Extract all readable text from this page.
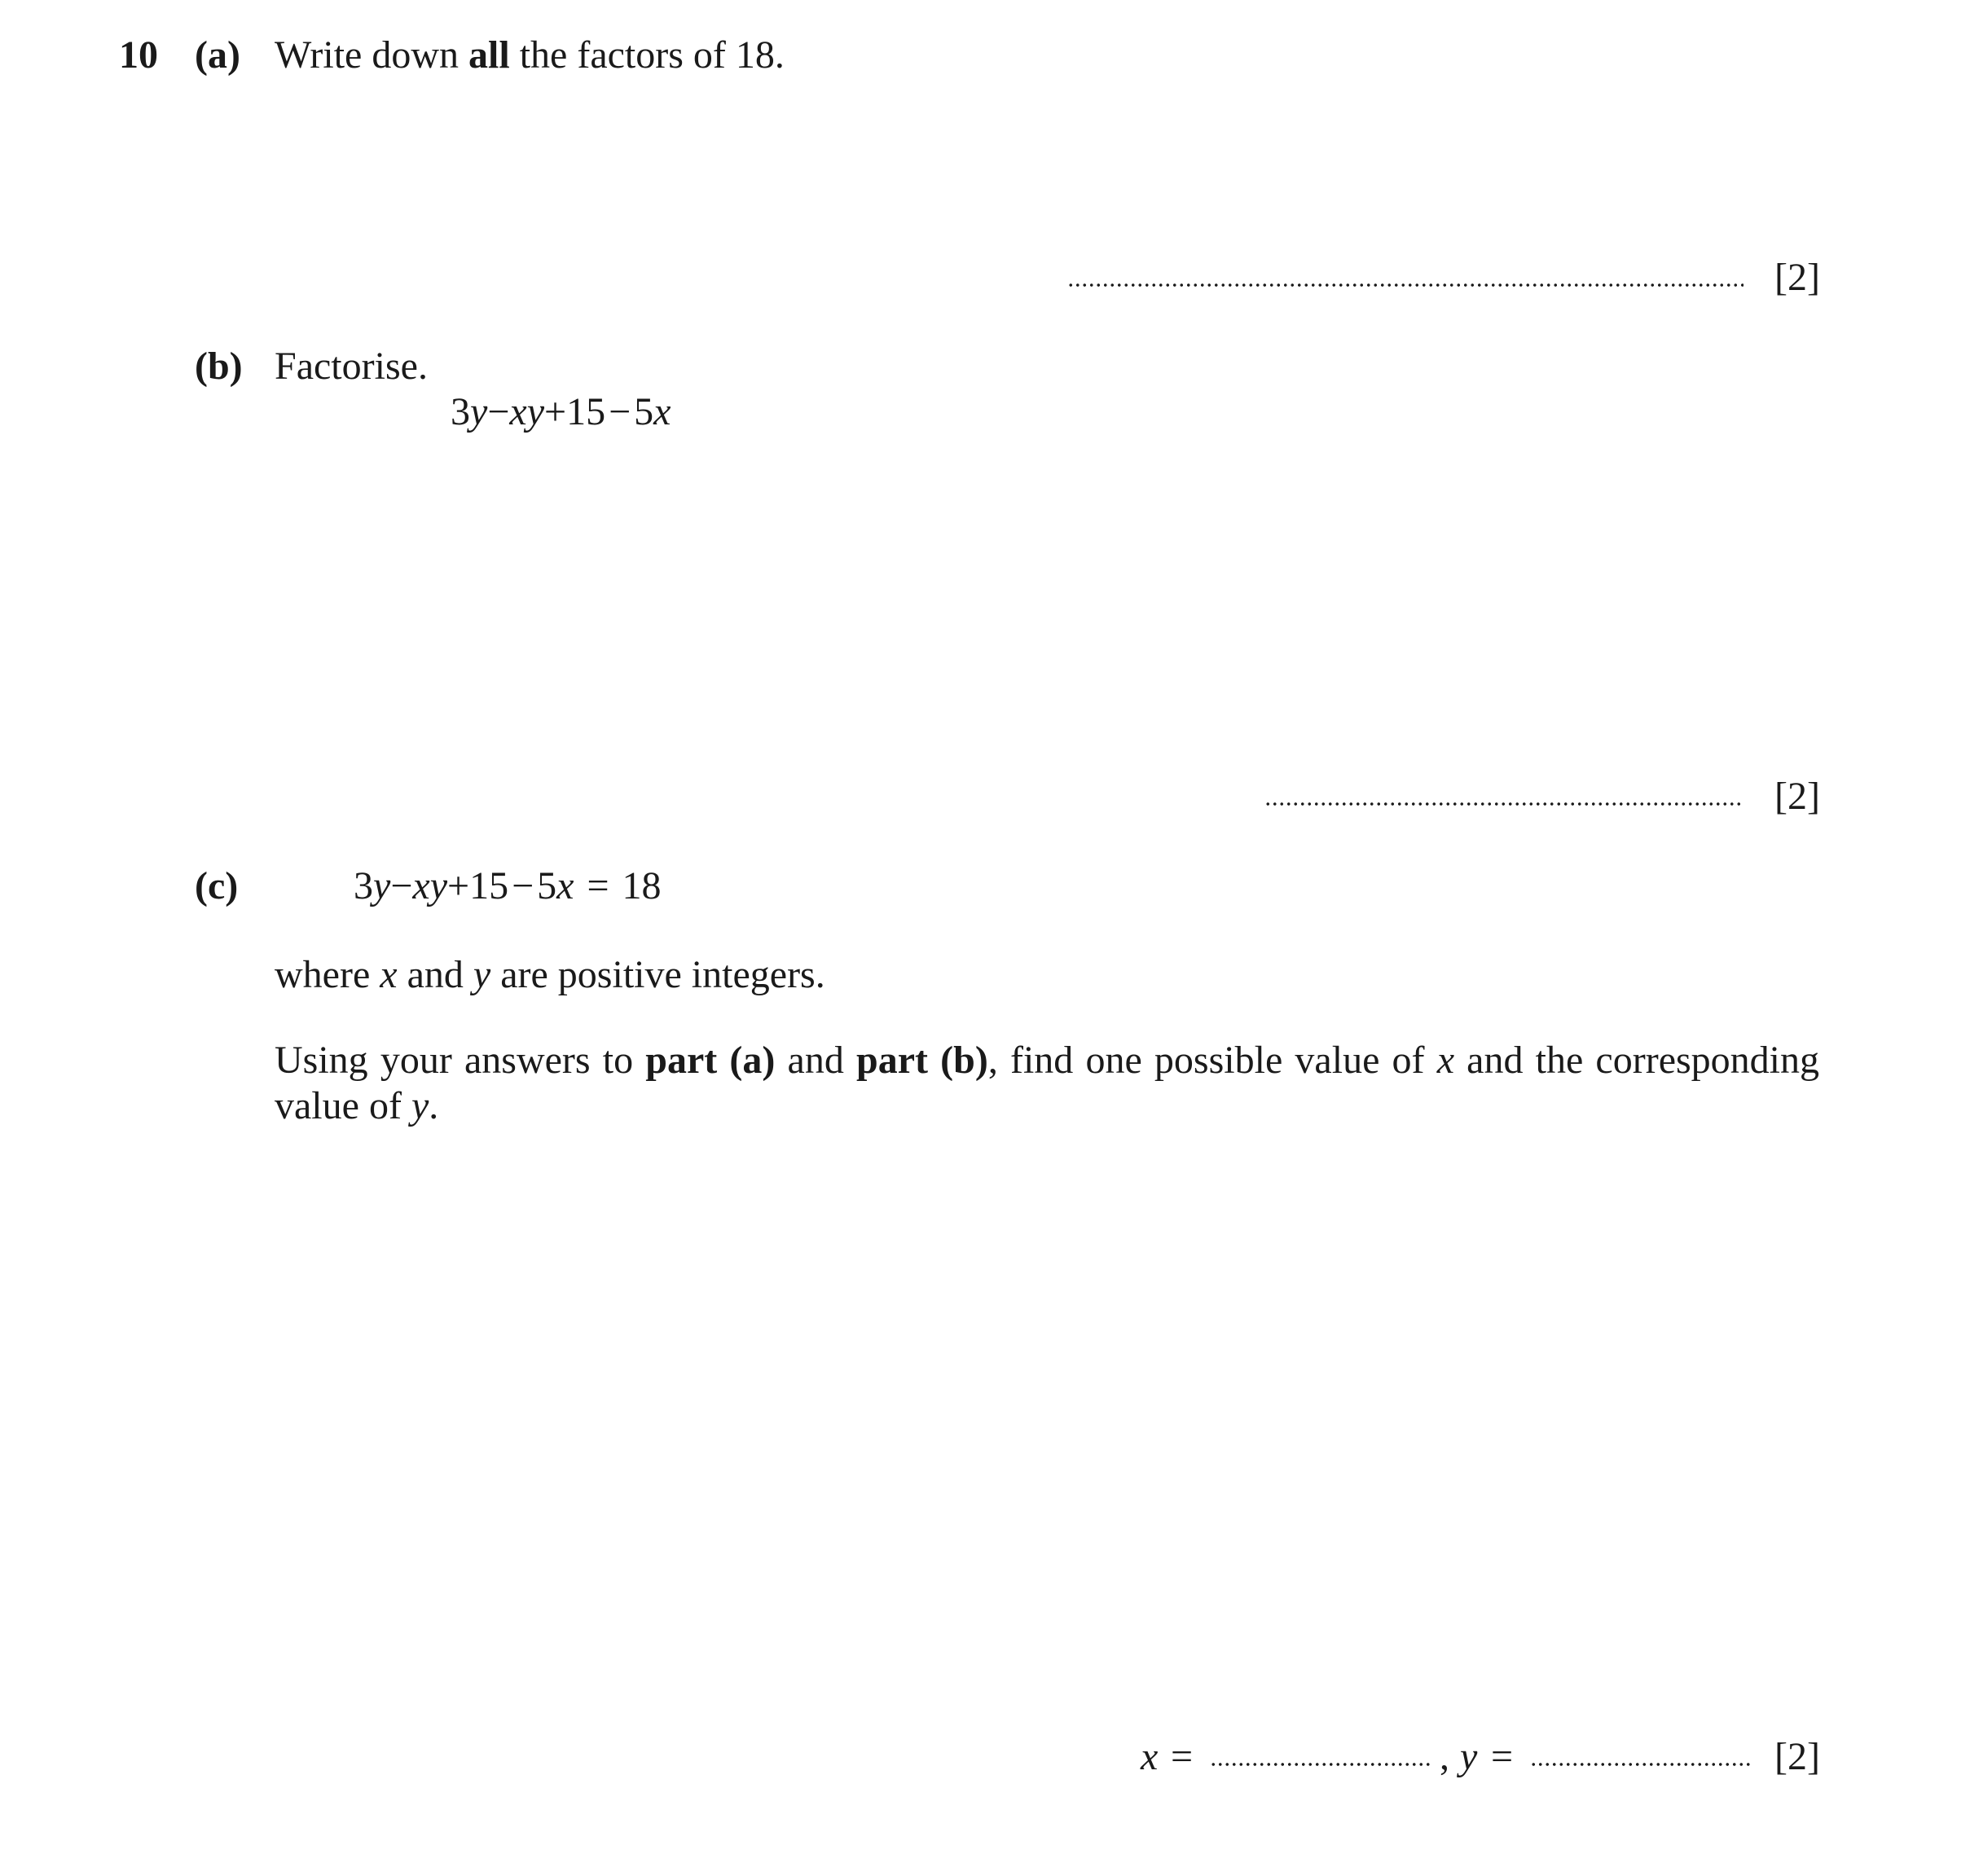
10 (a) Write down all the factors of 18.
[2]
(b) Factorise.
3y−xy+15−5x
[2]
(c)	3y−xy+15−5x = 18
where x and y are positive integers.
Using your answers to part (a) and part (b), find one possible value of x and the corresponding value of y.
x =	, y =	[2]
